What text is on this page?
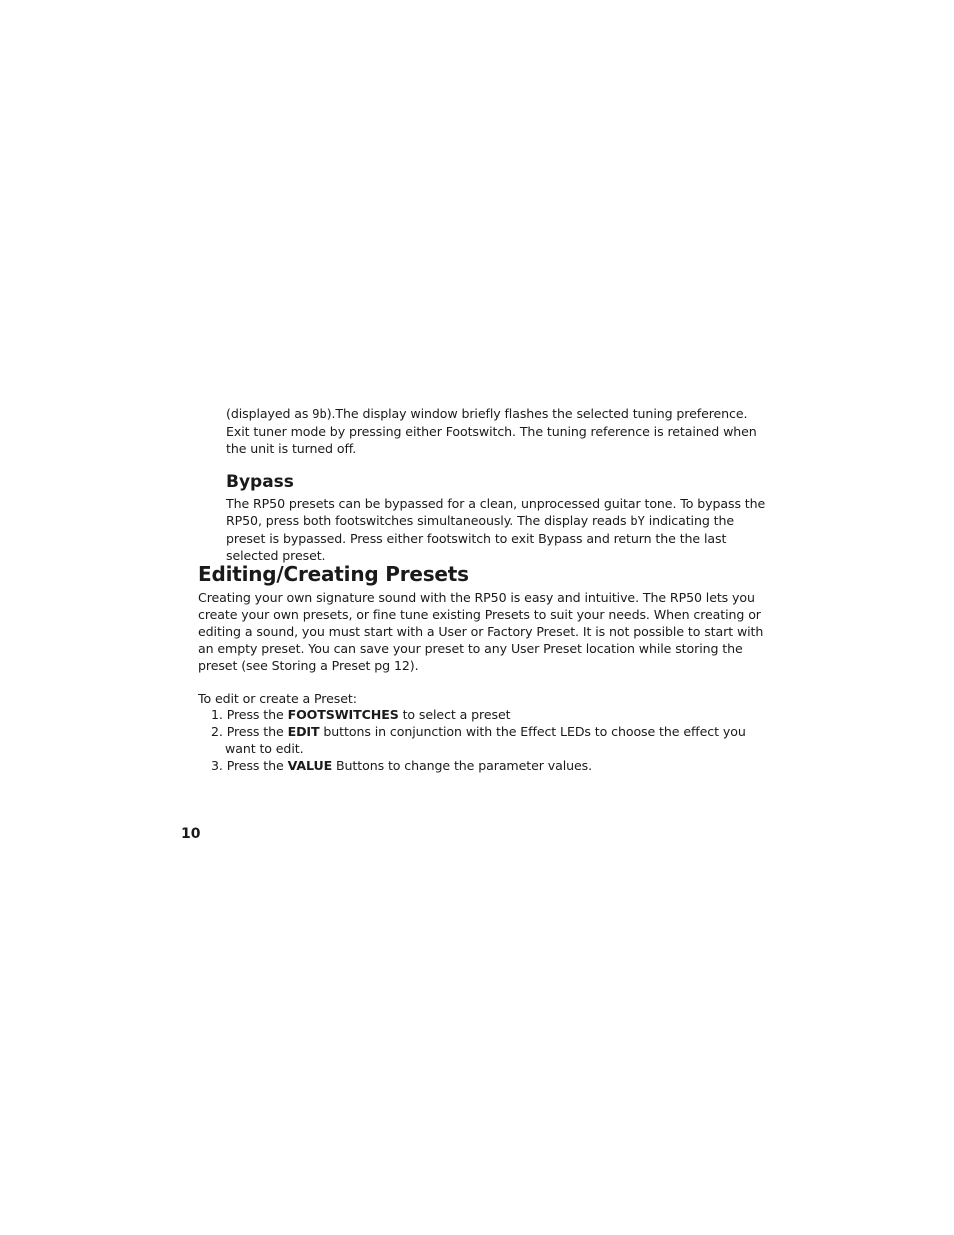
(displayed as 9b).The display window briefly flashes the selected tuning preference. Exit tuner mode by pressing either Footswitch. The tuning reference is retained when the unit is turned off.

Bypass

The RP50 presets can be bypassed for a clean, unprocessed guitar tone. To bypass the RP50, press both footswitches simultaneously. The display reads bY indicating the preset is bypassed. Press either footswitch to exit Bypass and return the the last selected preset.

Editing/Creating Presets

Creating your own signature sound with the RP50 is easy and intuitive. The RP50 lets you create your own presets, or fine tune existing Presets to suit your needs. When creating or editing a sound, you must start with a User or Factory Preset. It is not possible to start with an empty preset. You can save your preset to any User Preset location while storing the preset (see Storing a Preset pg 12).

To edit or create a Preset:

1. Press the FOOTSWITCHES to select a preset
2. Press the EDIT buttons in conjunction with the Effect LEDs to choose the effect you want to edit.
3. Press the VALUE Buttons to change the parameter values.
10
